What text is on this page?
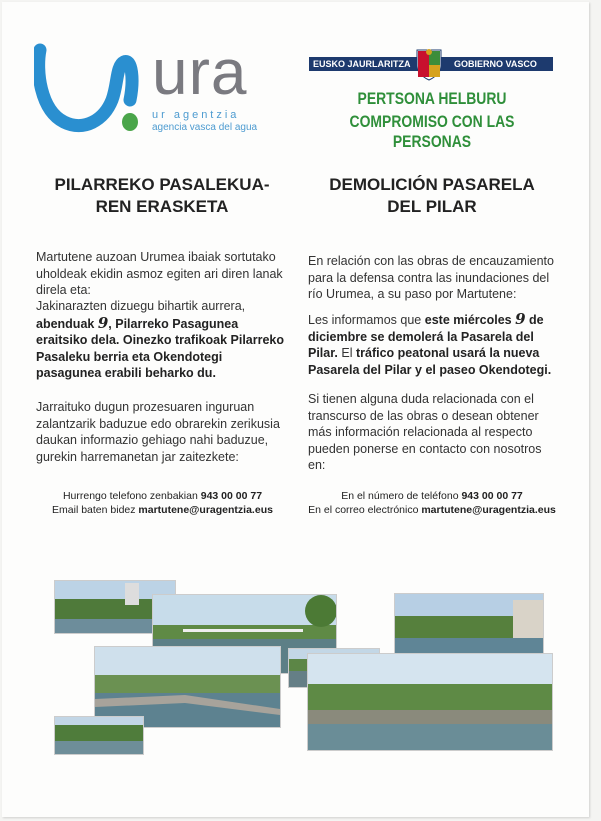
ura
ur agentzia
agencia vasca del agua
EUSKO JAURLARITZA	GOBIERNO VASCO
PERTSONA HELBURU
COMPROMISO CON LAS PERSONAS
PILARREKO PASALEKUA-
REN ERASKETA
DEMOLICIÓN PASARELA
DEL PILAR
Martutene auzoan Urumea ibaiak sortutako uholdeak ekidin asmoz egiten ari diren lanak direla eta:
Jakinarazten dizuegu bihartik aurrera, abenduak 9, Pilarreko Pasagunea eraitsiko dela. Oinezko trafikoak Pilarreko Pasaleku berria eta Okendotegi pasagunea erabili beharko du.
Jarraituko dugun prozesuaren inguruan zalantzarik baduzue edo obrarekin zerikusia daukan informazio gehiago nahi baduzue, gurekin harremanetan jar zaitezkete:
Hurrengo telefono zenbakian 943 00 00 77
Email baten bidez martutene@uragentzia.eus
En relación con las obras de encauzamiento para la defensa contra las inundaciones del río Urumea, a su paso por Martutene:
Les informamos que este miércoles 9 de diciembre se demolerá la Pasarela del Pilar. El tráfico peatonal usará la nueva Pasarela del Pilar y el paseo Okendotegi.
Si tienen alguna duda relacionada con el transcurso de las obras o desean obtener más información relacionada al respecto pueden ponerse en contacto con nosotros en:
En el número de teléfono 943 00 00 77
En el correo electrónico martutene@uragentzia.eus
